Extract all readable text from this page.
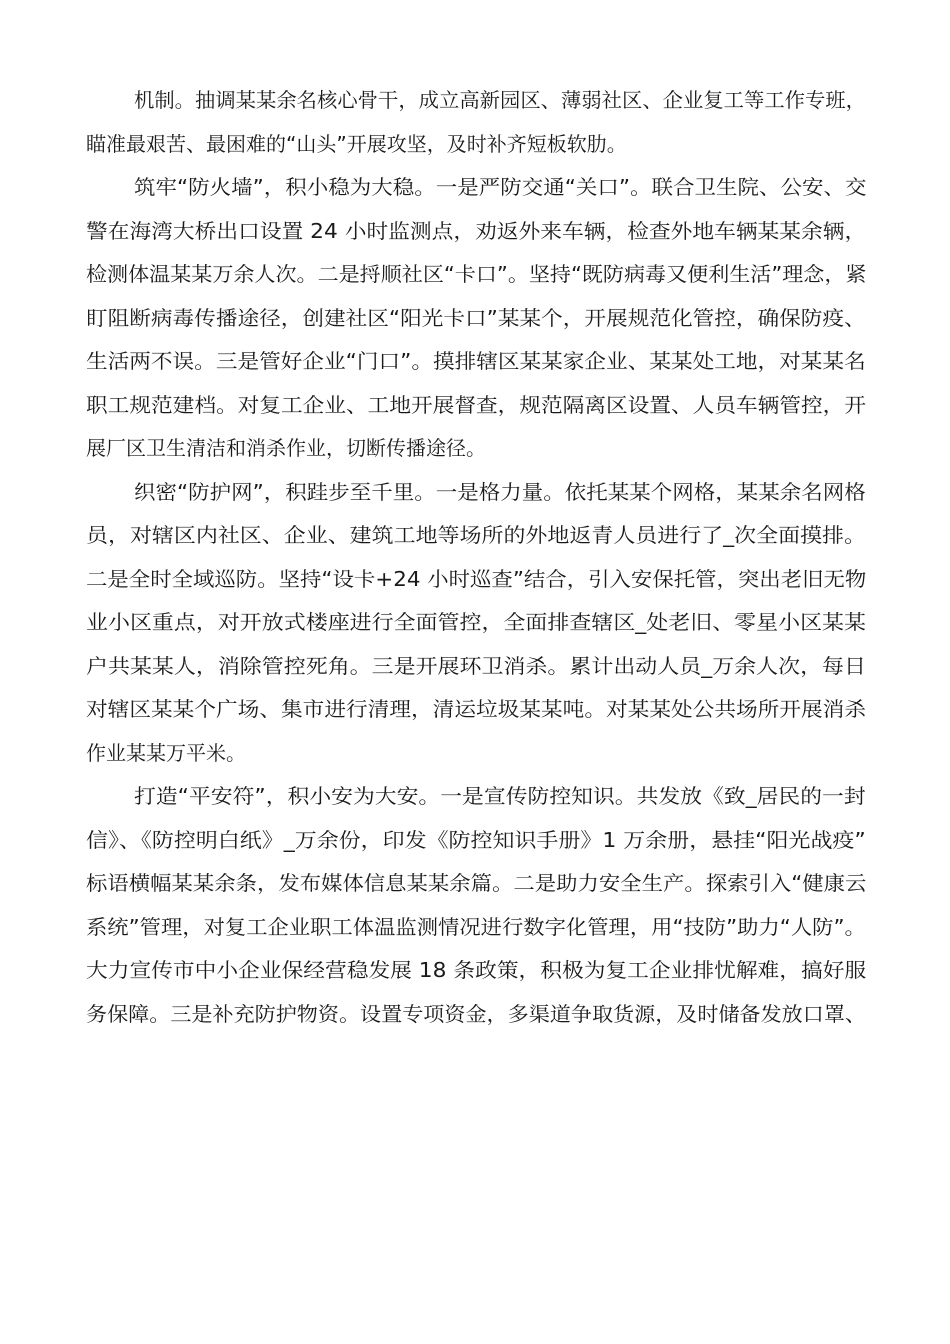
机制。抽调某某余名核心骨干，成立高新园区、薄弱社区、企业复工等工作专班，
瞄准最艰苦、最困难的“山头”开展攻坚，及时补齐短板软肋。
筑牢“防火墙”，积小稳为大稳。一是严防交通“关口”。联合卫生院、公安、交
警在海湾大桥出口设置 24 小时监测点，劝返外来车辆，检查外地车辆某某余辆，
检测体温某某万余人次。二是捋顺社区“卡口”。坚持“既防病毒又便利生活”理念，紧
盯阻断病毒传播途径，创建社区“阳光卡口”某某个，开展规范化管控，确保防疫、
生活两不误。三是管好企业“门口”。摸排辖区某某家企业、某某处工地，对某某名
职工规范建档。对复工企业、工地开展督查，规范隔离区设置、人员车辆管控，开
展厂区卫生清洁和消杀作业，切断传播途径。
织密“防护网”，积跬步至千里。一是格力量。依托某某个网格，某某余名网格
员，对辖区内社区、企业、建筑工地等场所的外地返青人员进行了_次全面摸排。
二是全时全域巡防。坚持“设卡+24 小时巡查”结合，引入安保托管，突出老旧无物
业小区重点，对开放式楼座进行全面管控，全面排查辖区_处老旧、零星小区某某
户共某某人，消除管控死角。三是开展环卫消杀。累计出动人员_万余人次，每日
对辖区某某个广场、集市进行清理，清运垃圾某某吨。对某某处公共场所开展消杀
作业某某万平米。
打造“平安符”，积小安为大安。一是宣传防控知识。共发放《致_居民的一封
信》、《防控明白纸》_万余份，印发《防控知识手册》1 万余册，悬挂“阳光战疫”
标语横幅某某余条，发布媒体信息某某余篇。二是助力安全生产。探索引入“健康云
系统”管理，对复工企业职工体温监测情况进行数字化管理，用“技防”助力“人防”。
大力宣传市中小企业保经营稳发展 18 条政策，积极为复工企业排忧解难，搞好服
务保障。三是补充防护物资。设置专项资金，多渠道争取货源，及时储备发放口罩、
